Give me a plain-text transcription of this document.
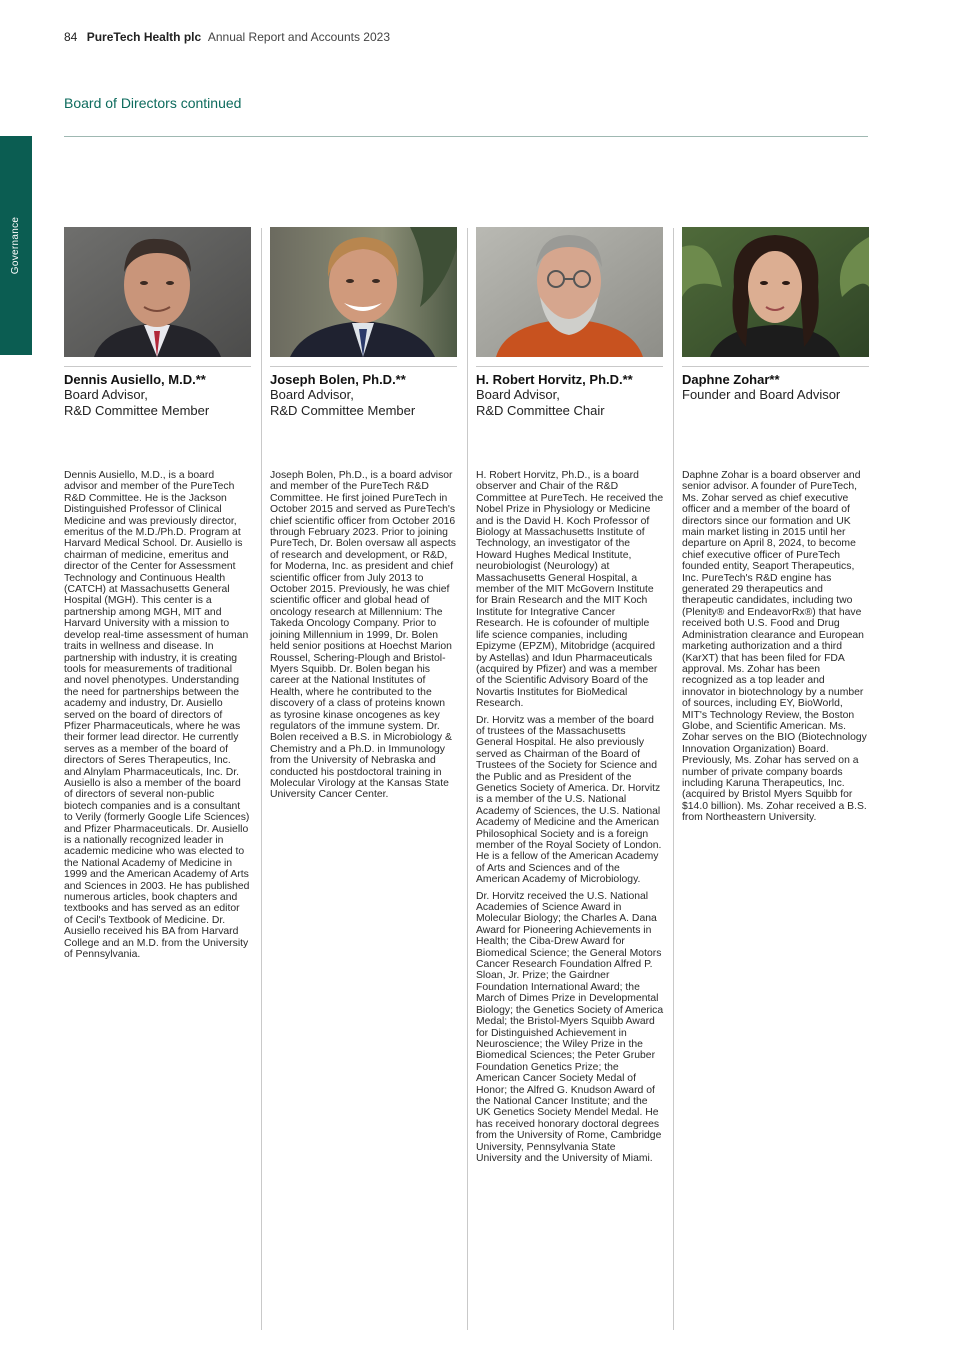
84 PureTech Health plc Annual Report and Accounts 2023
Board of Directors continued
Governance
Dennis Ausiello, M.D.**
Board Advisor,
R&D Committee Member

Dennis Ausiello, M.D., is a board advisor and member of the PureTech R&D Committee. He is the Jackson Distinguished Professor of Clinical Medicine and was previously director, emeritus of the M.D./Ph.D. Program at Harvard Medical School. Dr. Ausiello is chairman of medicine, emeritus and director of the Center for Assessment Technology and Continuous Health (CATCH) at Massachusetts General Hospital (MGH). This center is a partnership among MGH, MIT and Harvard University with a mission to develop real-time assessment of human traits in wellness and disease. In partnership with industry, it is creating tools for measurements of traditional and novel phenotypes. Understanding the need for partnerships between the academy and industry, Dr. Ausiello served on the board of directors of Pfizer Pharmaceuticals, where he was their former lead director. He currently serves as a member of the board of directors of Seres Therapeutics, Inc. and Alnylam Pharmaceuticals, Inc. Dr. Ausiello is also a member of the board of directors of several non-public biotech companies and is a consultant to Verily (formerly Google Life Sciences) and Pfizer Pharmaceuticals. Dr. Ausiello is a nationally recognized leader in academic medicine who was elected to the National Academy of Medicine in 1999 and the American Academy of Arts and Sciences in 2003. He has published numerous articles, book chapters and textbooks and has served as an editor of Cecil's Textbook of Medicine. Dr. Ausiello received his BA from Harvard College and an M.D. from the University of Pennsylvania.

Joseph Bolen, Ph.D.**
Board Advisor,
R&D Committee Member

Joseph Bolen, Ph.D., is a board advisor and member of the PureTech R&D Committee. He first joined PureTech in October 2015 and served as PureTech's chief scientific officer from October 2016 through February 2023. Prior to joining PureTech, Dr. Bolen oversaw all aspects of research and development, or R&D, for Moderna, Inc. as president and chief scientific officer from July 2013 to October 2015. Previously, he was chief scientific officer and global head of oncology research at Millennium: The Takeda Oncology Company. Prior to joining Millennium in 1999, Dr. Bolen held senior positions at Hoechst Marion Roussel, Schering-Plough and Bristol-Myers Squibb. Dr. Bolen began his career at the National Institutes of Health, where he contributed to the discovery of a class of proteins known as tyrosine kinase oncogenes as key regulators of the immune system. Dr. Bolen received a B.S. in Microbiology & Chemistry and a Ph.D. in Immunology from the University of Nebraska and conducted his postdoctoral training in Molecular Virology at the Kansas State University Cancer Center.

H. Robert Horvitz, Ph.D.**
Board Advisor,
R&D Committee Chair

H. Robert Horvitz, Ph.D., is a board observer and Chair of the R&D Committee at PureTech. He received the Nobel Prize in Physiology or Medicine and is the David H. Koch Professor of Biology at Massachusetts Institute of Technology, an investigator of the Howard Hughes Medical Institute, neurobiologist (Neurology) at Massachusetts General Hospital, a member of the MIT McGovern Institute for Brain Research and the MIT Koch Institute for Integrative Cancer Research. He is cofounder of multiple life science companies, including Epizyme (EPZM), Mitobridge (acquired by Astellas) and Idun Pharmaceuticals (acquired by Pfizer) and was a member of the Scientific Advisory Board of the Novartis Institutes for BioMedical Research.

Dr. Horvitz was a member of the board of trustees of the Massachusetts General Hospital. He also previously served as Chairman of the Board of Trustees of the Society for Science and the Public and as President of the Genetics Society of America. Dr. Horvitz is a member of the U.S. National Academy of Sciences, the U.S. National Academy of Medicine and the American Philosophical Society and is a foreign member of the Royal Society of London. He is a fellow of the American Academy of Arts and Sciences and of the American Academy of Microbiology.

Dr. Horvitz received the U.S. National Academies of Science Award in Molecular Biology; the Charles A. Dana Award for Pioneering Achievements in Health; the Ciba-Drew Award for Biomedical Science; the General Motors Cancer Research Foundation Alfred P. Sloan, Jr. Prize; the Gairdner Foundation International Award; the March of Dimes Prize in Developmental Biology; the Genetics Society of America Medal; the Bristol-Myers Squibb Award for Distinguished Achievement in Neuroscience; the Wiley Prize in the Biomedical Sciences; the Peter Gruber Foundation Genetics Prize; the American Cancer Society Medal of Honor; the Alfred G. Knudson Award of the National Cancer Institute; and the UK Genetics Society Mendel Medal. He has received honorary doctoral degrees from the University of Rome, Cambridge University, Pennsylvania State University and the University of Miami.

Daphne Zohar**
Founder and Board Advisor

Daphne Zohar is a board observer and senior advisor. A founder of PureTech, Ms. Zohar served as chief executive officer and a member of the board of directors since our formation and UK main market listing in 2015 until her departure on April 8, 2024, to become chief executive officer of PureTech founded entity, Seaport Therapeutics, Inc. PureTech's R&D engine has generated 29 therapeutics and therapeutic candidates, including two (Plenity® and EndeavorRx®) that have received both U.S. Food and Drug Administration clearance and European marketing authorization and a third (KarXT) that has been filed for FDA approval. Ms. Zohar has been recognized as a top leader and innovator in biotechnology by a number of sources, including EY, BioWorld, MIT's Technology Review, the Boston Globe, and Scientific American. Ms. Zohar serves on the BIO (Biotechnology Innovation Organization) Board. Previously, Ms. Zohar has served on a number of private company boards including Karuna Therapeutics, Inc. (acquired by Bristol Myers Squibb for $14.0 billion). Ms. Zohar received a B.S. from Northeastern University.
